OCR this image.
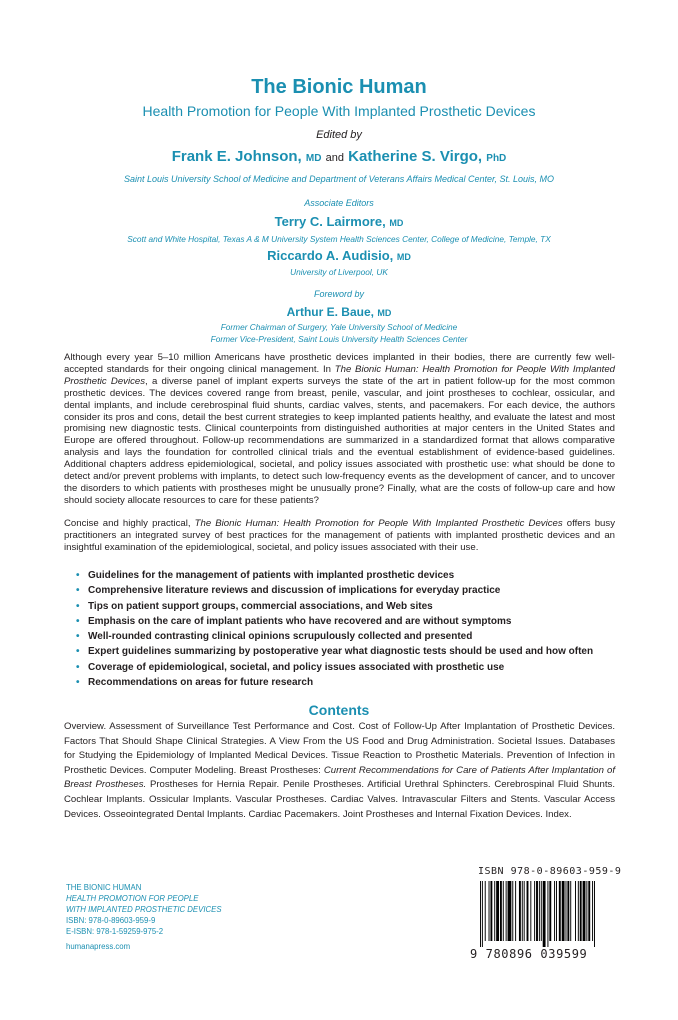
The Bionic Human
Health Promotion for People With Implanted Prosthetic Devices
Edited by
Frank E. Johnson, MD and Katherine S. Virgo, PhD
Saint Louis University School of Medicine and Department of Veterans Affairs Medical Center, St. Louis, MO
Associate Editors
Terry C. Lairmore, MD
Scott and White Hospital, Texas A & M University System Health Sciences Center, College of Medicine, Temple, TX
Riccardo A. Audisio, MD
University of Liverpool, UK
Foreword by
Arthur E. Baue, MD
Former Chairman of Surgery, Yale University School of Medicine
Former Vice-President, Saint Louis University Health Sciences Center

Although every year 5–10 million Americans have prosthetic devices implanted in their bodies, there are currently few well-accepted standards for their ongoing clinical management. In The Bionic Human: Health Promotion for People With Implanted Prosthetic Devices, a diverse panel of implant experts surveys the state of the art in patient follow-up for the most common prosthetic devices. The devices covered range from breast, penile, vascular, and joint prostheses to cochlear, ossicular, and dental implants, and include cerebrospinal fluid shunts, cardiac valves, stents, and pacemakers. For each device, the authors consider its pros and cons, detail the best current strategies to keep implanted patients healthy, and evaluate the latest and most promising new diagnostic tests. Clinical counterpoints from distinguished authorities at major centers in the United States and Europe are offered throughout. Follow-up recommendations are summarized in a standardized format that allows comparative analysis and lays the foundation for controlled clinical trials and the eventual establishment of evidence-based guidelines. Additional chapters address epidemiological, societal, and policy issues associated with prosthetic use: what should be done to detect and/or prevent problems with implants, to detect such low-frequency events as the development of cancer, and to uncover the disorders to which patients with prostheses might be unusually prone? Finally, what are the costs of follow-up care and how should society allocate resources to care for these patients?

Concise and highly practical, The Bionic Human: Health Promotion for People With Implanted Prosthetic Devices offers busy practitioners an integrated survey of best practices for the management of patients with implanted prosthetic devices and an insightful examination of the epidemiological, societal, and policy issues associated with their use.

• Guidelines for the management of patients with implanted prosthetic devices
• Comprehensive literature reviews and discussion of implications for everyday practice
• Tips on patient support groups, commercial associations, and Web sites
• Emphasis on the care of implant patients who have recovered and are without symptoms
• Well-rounded contrasting clinical opinions scrupulously collected and presented
• Expert guidelines summarizing by postoperative year what diagnostic tests should be used and how often
• Coverage of epidemiological, societal, and policy issues associated with prosthetic use
• Recommendations on areas for future research
Contents

Overview. Assessment of Surveillance Test Performance and Cost. Cost of Follow-Up After Implantation of Prosthetic Devices. Factors That Should Shape Clinical Strategies. A View From the US Food and Drug Administration. Societal Issues. Databases for Studying the Epidemiology of Implanted Medical Devices. Tissue Reaction to Prosthetic Materials. Prevention of Infection in Prosthetic Devices. Computer Modeling. Breast Prostheses: Current Recommendations for Care of Patients After Implantation of Breast Prostheses. Prostheses for Hernia Repair. Penile Prostheses. Artificial Urethral Sphincters. Cerebrospinal Fluid Shunts. Cochlear Implants. Ossicular Implants. Vascular Prostheses. Cardiac Valves. Intravascular Filters and Stents. Vascular Access Devices. Osseointegrated Dental Implants. Cardiac Pacemakers. Joint Prostheses and Internal Fixation Devices. Index.

THE BIONIC HUMAN
HEALTH PROMOTION FOR PEOPLE
WITH IMPLANTED PROSTHETIC DEVICES
ISBN: 978-0-89603-959-9
E-ISBN: 978-1-59259-975-2
humanapress.com
ISBN 978-0-89603-959-9
9 780896 039599
